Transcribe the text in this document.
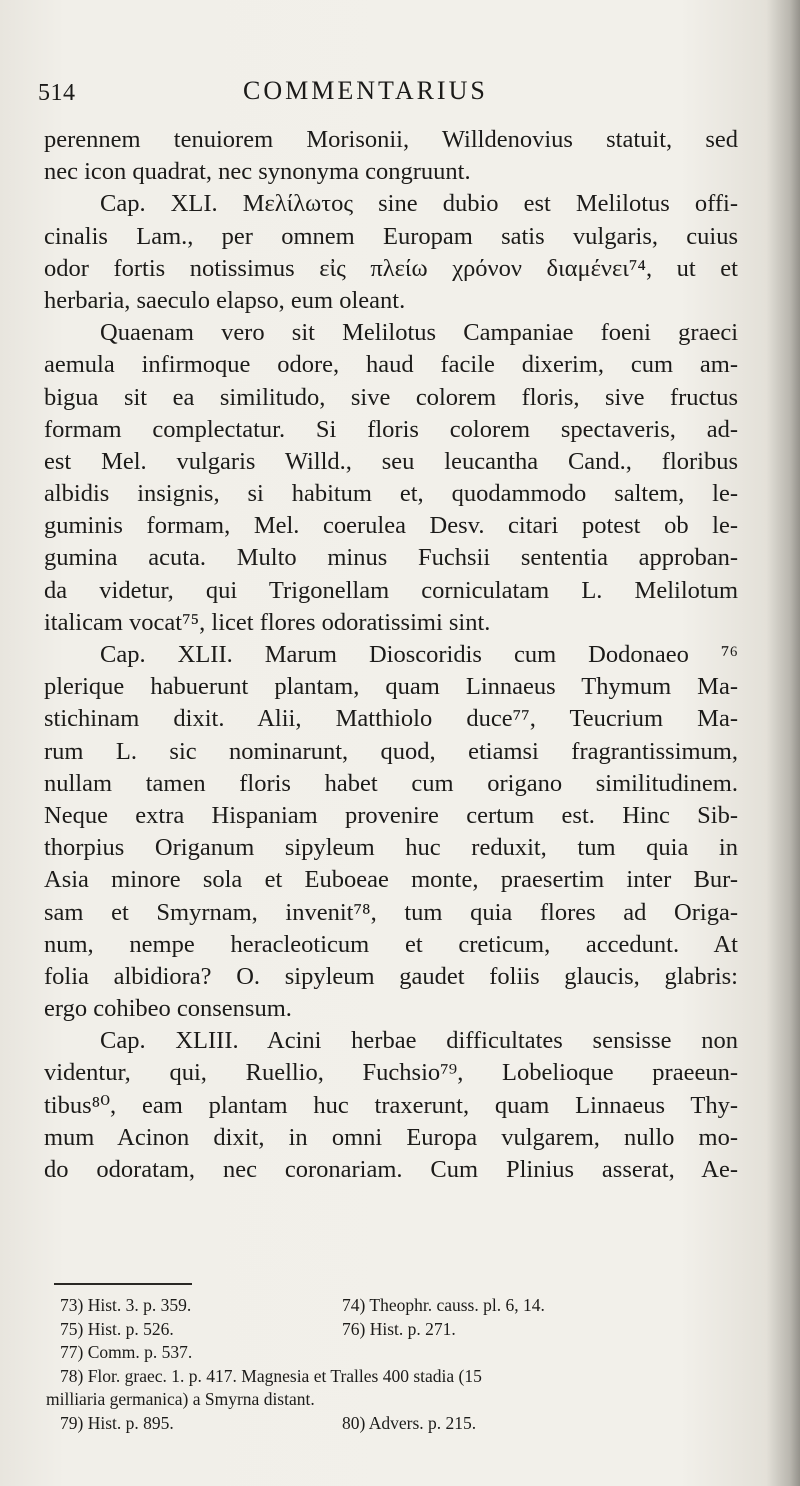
514	COMMENTARIUS
perennem tenuiorem Morisonii, Willdenovius statuit, sed
nec icon quadrat, nec synonyma congruunt.
Cap. XLI. Μελίλωτος sine dubio est Melilotus offi-
cinalis Lam., per omnem Europam satis vulgaris, cuius
odor fortis notissimus εἰς πλείω χρόνον διαμένει⁷⁴, ut et
herbaria, saeculo elapso, eum oleant.
Quaenam vero sit Melilotus Campaniae foeni graeci
aemula infirmoque odore, haud facile dixerim, cum am-
bigua sit ea similitudo, sive colorem floris, sive fructus
formam complectatur. Si floris colorem spectaveris, ad-
est Mel. vulgaris Willd., seu leucantha Cand., floribus
albidis insignis, si habitum et, quodammodo saltem, le-
guminis formam, Mel. coerulea Desv. citari potest ob le-
gumina acuta. Multo minus Fuchsii sententia approban-
da videtur, qui Trigonellam corniculatam L. Melilotum
italicam vocat⁷⁵, licet flores odoratissimi sint.
Cap. XLII. Marum Dioscoridis cum Dodonaeo ⁷⁶
plerique habuerunt plantam, quam Linnaeus Thymum Ma-
stichinam dixit. Alii, Matthiolo duce⁷⁷, Teucrium Ma-
rum L. sic nominarunt, quod, etiamsi fragrantissimum,
nullam tamen floris habet cum origano similitudinem.
Neque extra Hispaniam provenire certum est. Hinc Sib-
thorpius Origanum sipyleum huc reduxit, tum quia in
Asia minore sola et Euboeae monte, praesertim inter Bur-
sam et Smyrnam, invenit⁷⁸, tum quia flores ad Origa-
num, nempe heracleoticum et creticum, accedunt. At
folia albidiora? O. sipyleum gaudet foliis glaucis, glabris:
ergo cohibeo consensum.
Cap. XLIII. Acini herbae difficultates sensisse non
videntur, qui, Ruellio, Fuchsio⁷⁹, Lobelioque praeeun-
tibus⁸⁰, eam plantam huc traxerunt, quam Linnaeus Thy-
mum Acinon dixit, in omni Europa vulgarem, nullo mo-
do odoratam, nec coronariam. Cum Plinius asserat, Ae-
73) Hist. 3. p. 359.	74) Theophr. causs. pl. 6, 14.
75) Hist. p. 526.	76) Hist. p. 271.
77) Comm. p. 537.
78) Flor. graec. 1. p. 417. Magnesia et Tralles 400 stadia (15
milliaria germanica) a Smyrna distant.
79) Hist. p. 895.	80) Advers. p. 215.
